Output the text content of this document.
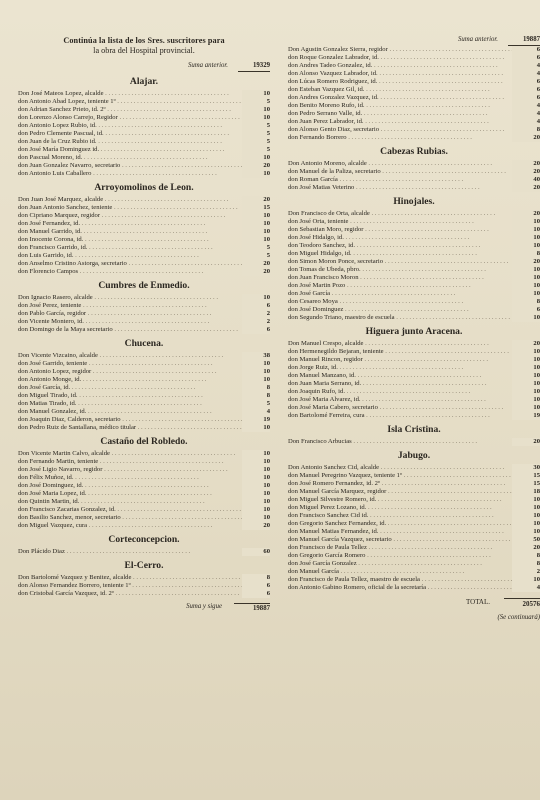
Continúa la lista de los Sres. suscritores para
la obra del Hospital provincial.
Suma anterior.	19329
Alajar.
Don José Mateos Lopez, alcalde . . .	10
don Antonio Abad Lopez, teniente 1º . . .	5
don Adrian Sanchez Prieto, id. 2º . . .	10
don Lorenzo Alonso Carrejo, Regidor . . .	10
don Antonio Lopez Rubio, id. . . .	5
don Pedro Clemente Pascual, id. . . .	5
don Juan de la Cruz Rubio id. . . .	5
don José María Dominguez id. . . .	5
don Pascual Moreno, id. . . .	10
don Juan Gonzalez Navarro, secretario . . .	20
don Antonio Luis Caballero . . .	10
Arroyomolinos de Leon.
Don Juan José Marquez, alcalde . . .	20
don Juan Antonio Sanchez, teniente . . .	15
don Cipriano Marquez, regidor . . .	10
don José Fernandez, id. . . .	10
don Manuel Garrido, id. . . .	10
don Inocente Corona, id. . . .	10
don Francisco Garrido, id. . . .	5
don Luis Garrido, id. . . .	5
don Anselmo Cristino Astorga, secretario . . .	20
don Florencio Campos . . .	20
Cumbres de Enmedio.
Don Ignacio Rasero, alcalde . . .	10
don José Perez, teniente . . .	6
don Pablo García, regidor . . .	2
don Vicente Montero, id. . . .	2
don Domingo de la Maya secretario . . .	6
Chucena.
Don Vicente Vizcaino, alcalde . . .	38
don José Garrido, teniente . . .	10
don Antonio Lopez, regidor . . .	10
don Antonio Monge, id. . . .	10
don José García, id. . . .	8
don Miguel Tirado, id. . . .	8
don Matias Tirado, id. . . .	5
don Manuel Gonzalez, id. . . .	4
don Joaquin Diaz, Calderon, secretario . . .	19
don Pedro Ruiz de Santallana, médico titular . . .	10
Castaño del Robledo.
Don Vicente Martin Calvo, alcalde . . .	10
don Fernando Martin, teniente . . .	10
don José Ligio Navarro, regidor . . .	10
don Félix Muñoz, id. . . .	10
don José Dominguez, id. . . .	10
don José Maria Lopez, id. . . .	10
don Quintin Martin, id. . . .	10
don Francisco Zacarias Gonzalez, id. . . .	10
don Basilio Sanchez, menor, secretario . . .	10
don Miguel Vazquez, cura . . .	20
Corteconcepcion.
Don Plácido Diaz . . .	60
El-Cerro.
Don Bartolomé Vazquez y Benitez, alcalde . . .	8
don Alonso Fernandez Borrero, teniente 1º . . .	6
don Cristobal García Vazquez, id. 2º . . .	6
Suma y sigue	19887
Suma anterior.	19887
Don Agustin Gonzalez Sierra, regidor . . .	6
don Roque Gonzalez Labrador, id. . . .	6
don Andres Tadeo Gonzalez, id. . . .	4
don Alonso Vazquez Labrador, id. . . .	4
don Lúcas Romero Rodriguez, id. . . .	6
don Esteban Vazquez Gil, id. . . .	6
don Andres Gonzalez Vazquez, id. . . .	6
don Benito Moreno Rufo, id. . . .	4
don Pedro Serrano Valle, id. . . .	4
don Juan Perez Labrador, id. . . .	4
don Alonso Gento Diaz, secretario . . .	8
don Fernando Borrero . . .	20
Cabezas Rubias.
Don Antonio Moreno, alcalde . . .	20
don Manuel de la Paliza, secretario . . .	20
don Roman García . . .	40
don José Matias Veterino . . .	20
Hinojales.
Don Francisco de Orta, alcalde . . .	20
don José Orta, teniente . . .	10
don Sebastian Moro, regidor . . .	10
don José Hidalgo, id. . . .	10
don Teodoro Sanchez, id. . . .	10
don Miguel Hidalgo, id. . . .	8
don Simon Moron Ponce, secretario . . .	20
don Tomas de Ubeda, pbro. . . .	10
don Juan Francisco Moron . . .	10
don José Martin Pozo . . .	10
don José García . . .	10
don Cesareo Moya . . .	8
don José Dominguez . . .	6
don Segundo Triano, maestro de escuela . . .	10
Higuera junto Aracena.
Don Manuel Crespo, alcalde . . .	20
don Hermenegildo Bejaran, teniente . . .	10
don Manuel Rincon, regidor . . .	10
don Jorge Ruiz, id. . . .	10
don Manuel Manzano, id. . . .	10
don Juan Maria Serrano, id. . . .	10
don Joaquin Rufo, id. . . .	10
don José Maria Alvarez, id. . . .	10
don José Maria Cabero, secretario . . .	10
don Bartolomé Ferreira, cura . . .	19
Isla Cristina.
Don Francisco Arbucias . . .	20
Jabugo.
Don Antonio Sanchez Cid, alcalde . . .	30
don Manuel Peregrino Vazquez, teniente 1º . . .	15
don José Romero Fernandez, id. 2º . . .	15
don Manuel García Marquez, regidor . . .	18
don Miguel Silvestre Romero, id. . . .	10
don Miguel Perez Lozano, id. . . .	10
don Francisco Sanchez Cid id. . . .	10
don Gregorio Sanchez Fernandez, id. . . .	10
don Manuel Matias Fernandez, id. . . .	10
don Manuel García Vazquez, secretario . . .	50
don Francisco de Paula Tellez . . .	20
don Gregorio García Romero . . .	8
don José García Gonzalez . . .	8
don Manuel García . . .	2
don Francisco de Paula Tellez, maestro de escuela . . .	10
don Antonio Gabino Romero, oficial de la secretaría . . .	4
TOTAL.	20576
(Se continuará)
